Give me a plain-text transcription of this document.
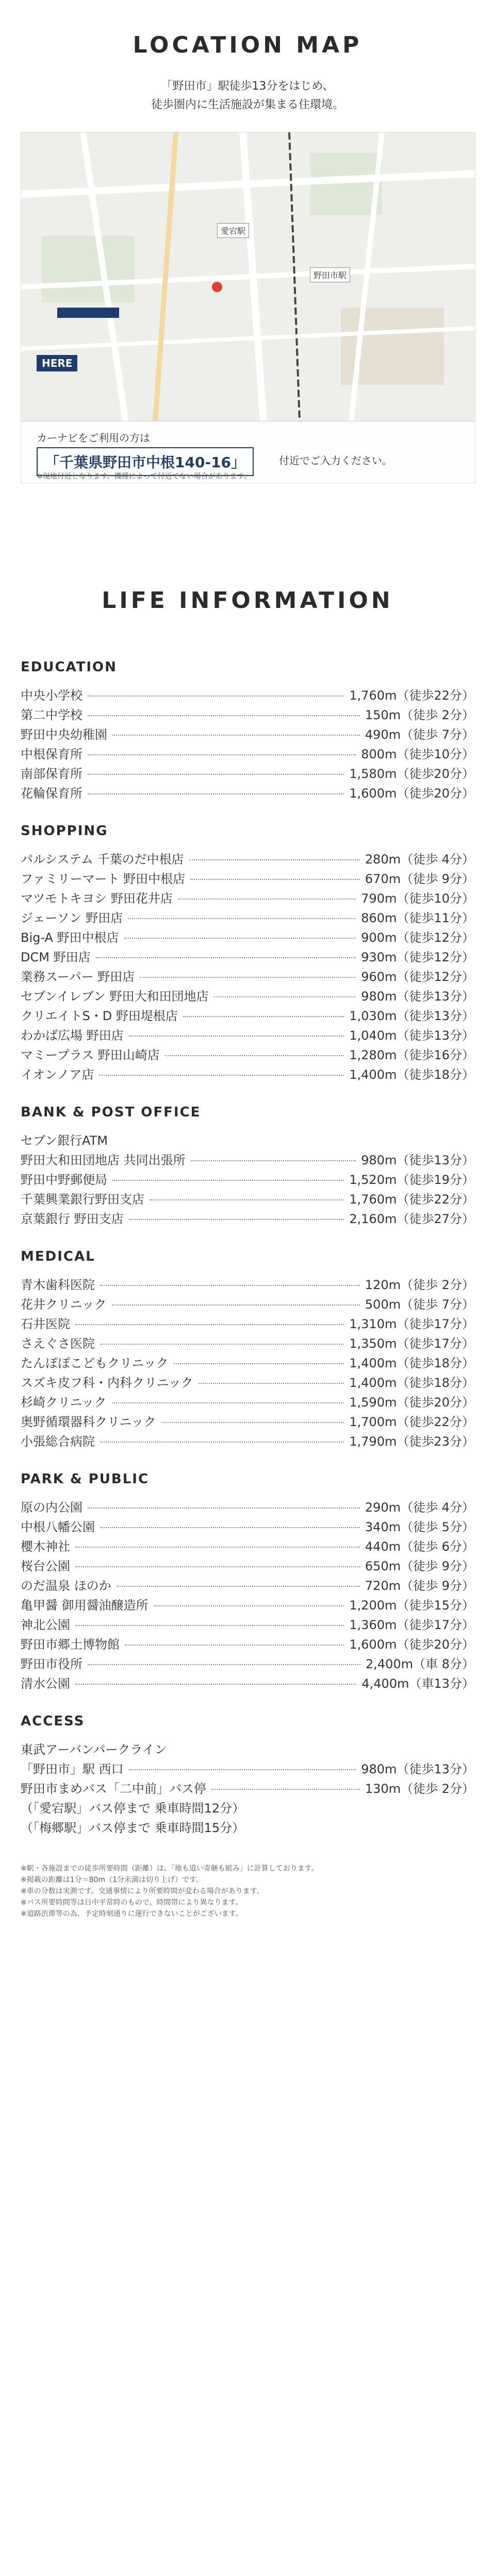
LOCATION MAP
「野田市」駅徒歩13分をはじめ、
徒歩圏内に生活施設が集まる住環境。
愛宕駅
野田市駅
HERE
カーナビをご利用の方は
「千葉県野田市中根140-16」	付近でご入力ください。
※現地付近となります。機種によって付近でない場合があります。
LIFE INFORMATION
EDUCATION
中央小学校	1,760m（徒歩22分）
第二中学校	150m（徒歩 2分）
野田中央幼稚園	490m（徒歩 7分）
中根保育所	800m（徒歩10分）
南部保育所	1,580m（徒歩20分）
花輪保育所	1,600m（徒歩20分）
SHOPPING
パルシステム 千葉のだ中根店	280m（徒歩 4分）
ファミリーマート 野田中根店	670m（徒歩 9分）
マツモトキヨシ 野田花井店	790m（徒歩10分）
ジェーソン 野田店	860m（徒歩11分）
Big-A 野田中根店	900m（徒歩12分）
DCM 野田店	930m（徒歩12分）
業務スーパー 野田店	960m（徒歩12分）
セブンイレブン 野田大和田団地店	980m（徒歩13分）
クリエイトS・D 野田堤根店	1,030m（徒歩13分）
わかば広場 野田店	1,040m（徒歩13分）
マミープラス 野田山崎店	1,280m（徒歩16分）
イオンノア店	1,400m（徒歩18分）
BANK & POST OFFICE
セブン銀行ATM
野田大和田団地店 共同出張所	980m（徒歩13分）
野田中野郵便局	1,520m（徒歩19分）
千葉興業銀行野田支店	1,760m（徒歩22分）
京葉銀行 野田支店	2,160m（徒歩27分）
MEDICAL
青木歯科医院	120m（徒歩 2分）
花井クリニック	500m（徒歩 7分）
石井医院	1,310m（徒歩17分）
さえぐさ医院	1,350m（徒歩17分）
たんぽぽこどもクリニック	1,400m（徒歩18分）
スズキ皮フ科・内科クリニック	1,400m（徒歩18分）
杉崎クリニック	1,590m（徒歩20分）
奥野循環器科クリニック	1,700m（徒歩22分）
小張総合病院	1,790m（徒歩23分）
PARK & PUBLIC
原の内公園	290m（徒歩 4分）
中根八幡公園	340m（徒歩 5分）
櫻木神社	440m（徒歩 6分）
桜台公園	650m（徒歩 9分）
のだ温泉 ほのか	720m（徒歩 9分）
亀甲醤 御用醤油醸造所	1,200m（徒歩15分）
神北公園	1,360m（徒歩17分）
野田市郷土博物館	1,600m（徒歩20分）
野田市役所	2,400m（車 8分）
清水公園	4,400m（車13分）
ACCESS
東武アーバンパークライン
「野田市」駅 西口	980m（徒歩13分）
野田市まめバス「二中前」バス停	130m（徒歩 2分）
（「愛宕駅」バス停まで 乗車時間12分）
（「梅郷駅」バス停まで 乗車時間15分）
※駅・各施設までの徒歩所要時間（距離）は、「地も道い寄継も組み」に計算しております。
※掲載の距離は1分＝80m（1分未満は切り上げ）です。
※車の分数は実測です。交通事情により所要時間が変わる場合があります。
※バス所要時間等は日中平常時のもので、時間帯により異なります。
※道路渋滞等の為、予定時刻通りに運行できないことがございます。
